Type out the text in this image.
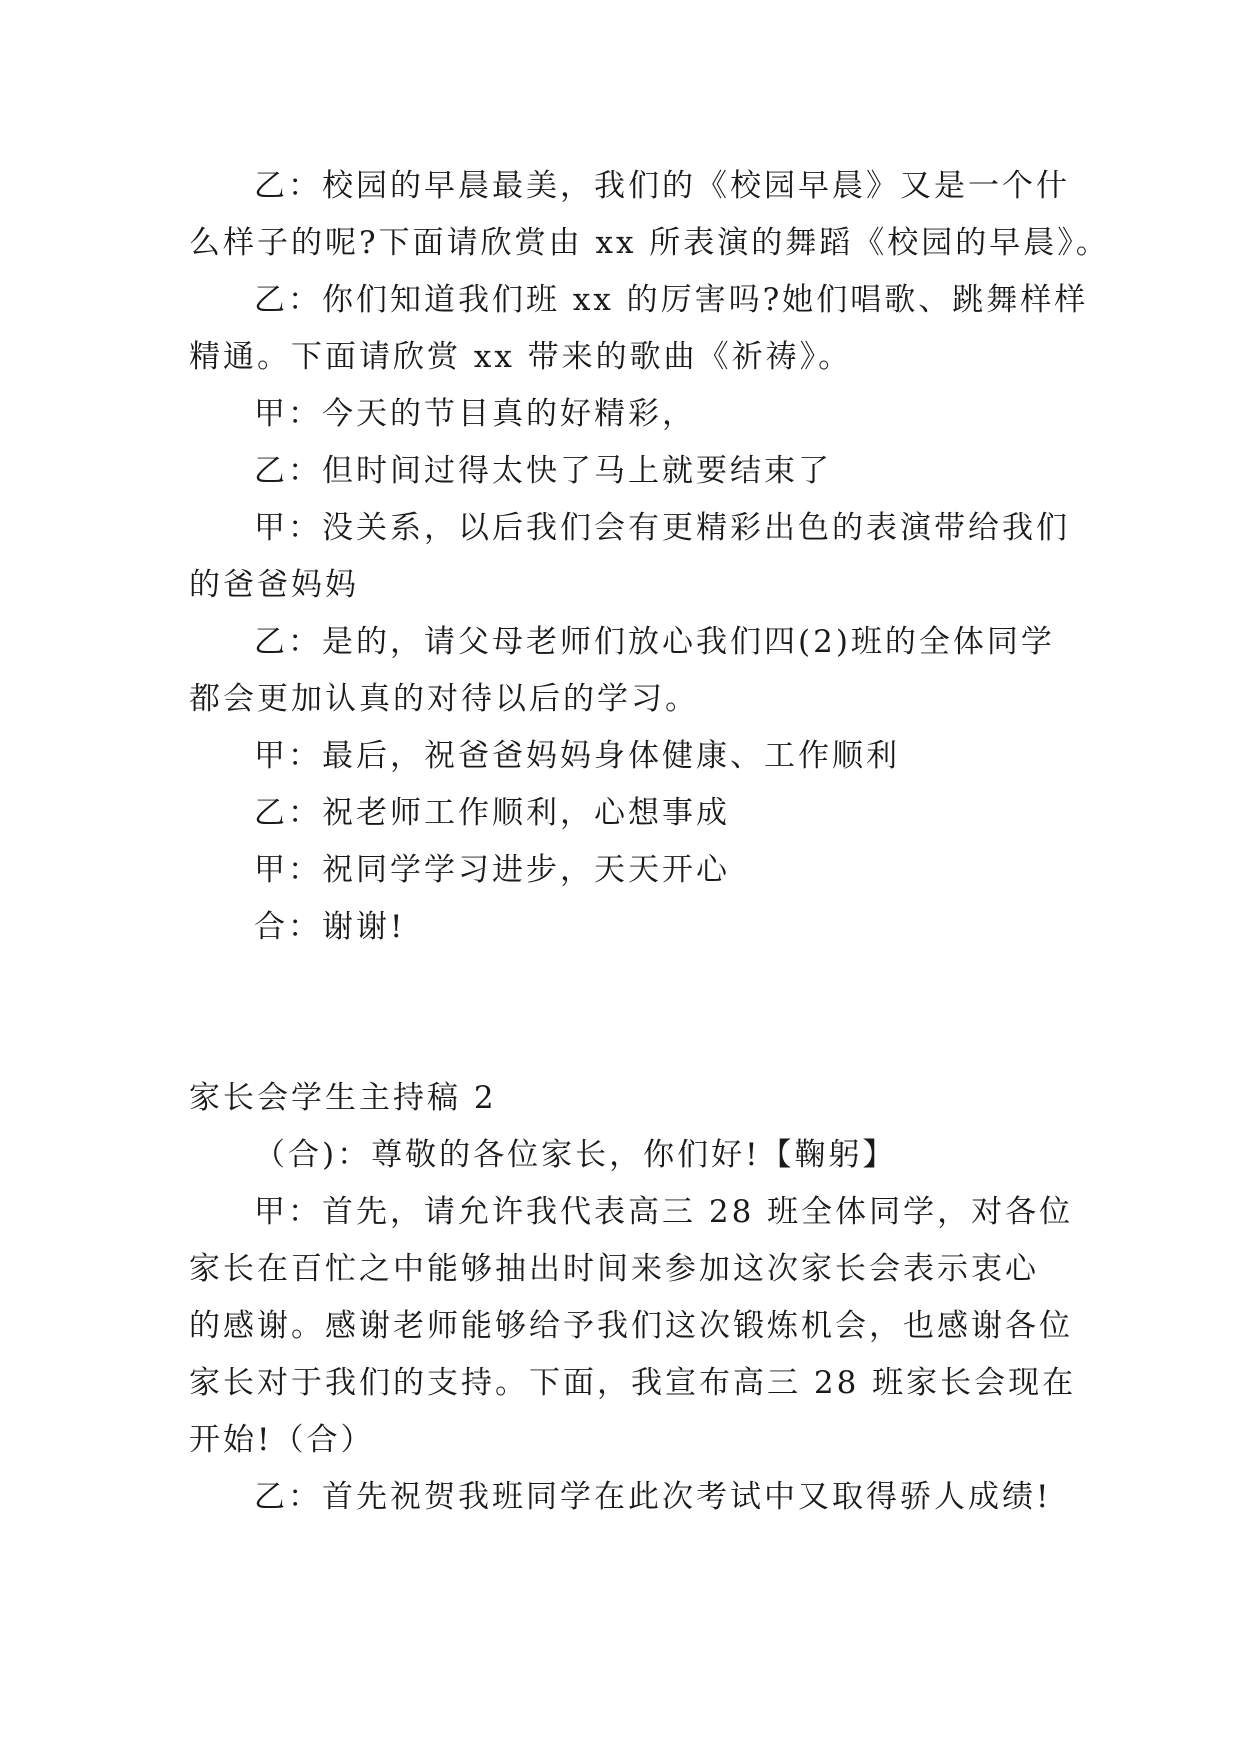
乙：校园的早晨最美，我们的《校园早晨》又是一个什

么样子的呢?下面请欣赏由 xx 所表演的舞蹈《校园的早晨》。

乙：你们知道我们班 xx 的厉害吗?她们唱歌、跳舞样样

精通。下面请欣赏 xx 带来的歌曲《祈祷》。

甲：今天的节目真的好精彩，

乙：但时间过得太快了马上就要结束了

甲：没关系，以后我们会有更精彩出色的表演带给我们

的爸爸妈妈

乙：是的，请父母老师们放心我们四(2)班的全体同学

都会更加认真的对待以后的学习。

甲：最后，祝爸爸妈妈身体健康、工作顺利

乙：祝老师工作顺利，心想事成

甲：祝同学学习进步，天天开心

合：谢谢!

家长会学生主持稿 2

（合)：尊敬的各位家长，你们好!【鞠躬】

甲：首先，请允许我代表高三 28 班全体同学，对各位

家长在百忙之中能够抽出时间来参加这次家长会表示衷心

的感谢。感谢老师能够给予我们这次锻炼机会，也感谢各位

家长对于我们的支持。下面，我宣布高三 28 班家长会现在

开始!（合）

乙：首先祝贺我班同学在此次考试中又取得骄人成绩!
